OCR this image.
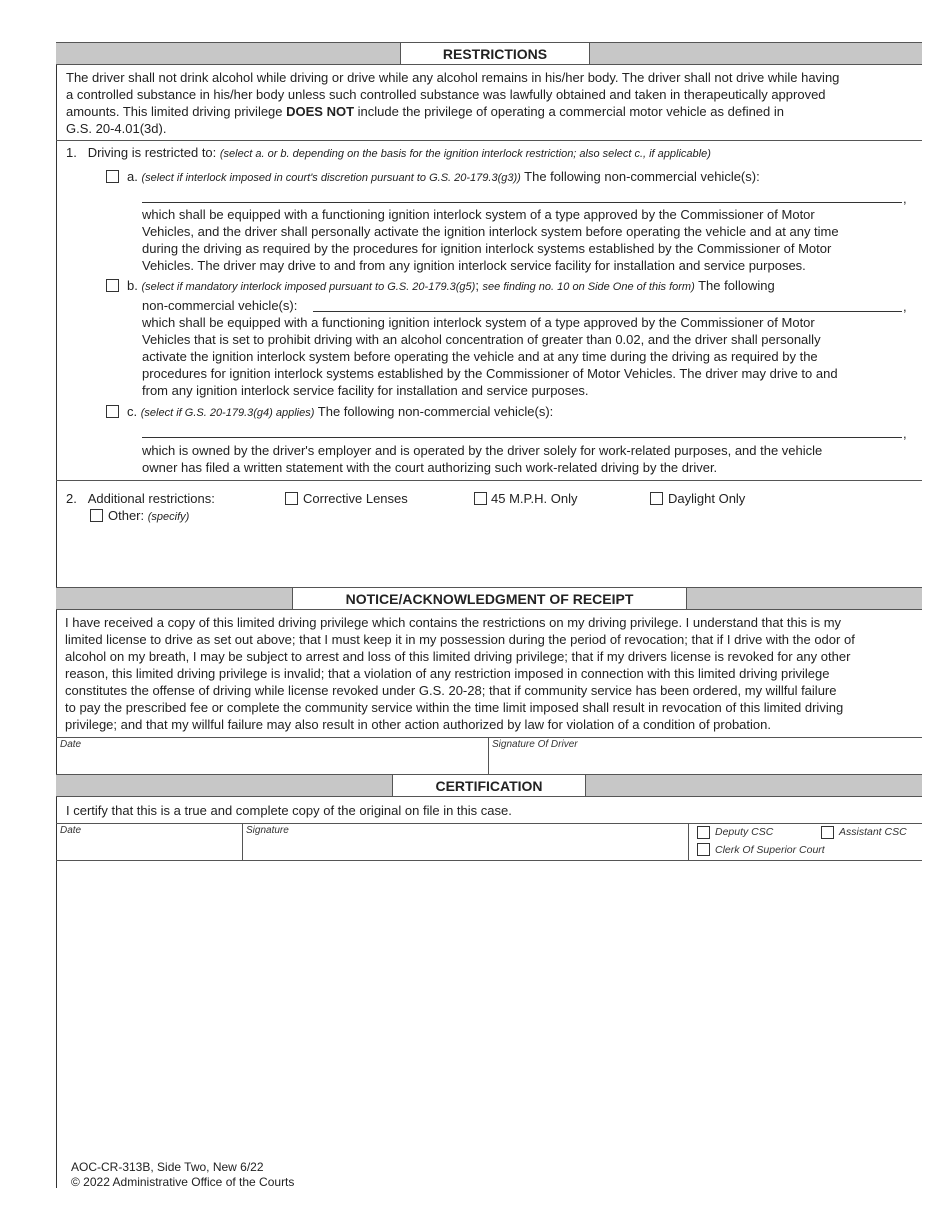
RESTRICTIONS
The driver shall not drink alcohol while driving or drive while any alcohol remains in his/her body. The driver shall not drive while having
a controlled substance in his/her body unless such controlled substance was lawfully obtained and taken in therapeutically approved
amounts. This limited driving privilege DOES NOT include the privilege of operating a commercial motor vehicle as defined in
G.S. 20-4.01(3d).
1. Driving is restricted to: (select a. or b. depending on the basis for the ignition interlock restriction; also select c., if applicable)
a. (select if interlock imposed in court's discretion pursuant to G.S. 20-179.3(g3)) The following non-commercial vehicle(s):
,
which shall be equipped with a functioning ignition interlock system of a type approved by the Commissioner of Motor
Vehicles, and the driver shall personally activate the ignition interlock system before operating the vehicle and at any time
during the driving as required by the procedures for ignition interlock systems established by the Commissioner of Motor
Vehicles. The driver may drive to and from any ignition interlock service facility for installation and service purposes.
b. (select if mandatory interlock imposed pursuant to G.S. 20-179.3(g5); see finding no. 10 on Side One of this form) The following
non-commercial vehicle(s):	,
which shall be equipped with a functioning ignition interlock system of a type approved by the Commissioner of Motor
Vehicles that is set to prohibit driving with an alcohol concentration of greater than 0.02, and the driver shall personally
activate the ignition interlock system before operating the vehicle and at any time during the driving as required by the
procedures for ignition interlock systems established by the Commissioner of Motor Vehicles. The driver may drive to and
from any ignition interlock service facility for installation and service purposes.
c. (select if G.S. 20-179.3(g4) applies) The following non-commercial vehicle(s):
,
which is owned by the driver's employer and is operated by the driver solely for work-related purposes, and the vehicle
owner has filed a written statement with the court authorizing such work-related driving by the driver.
2. Additional restrictions:	Corrective Lenses	45 M.P.H. Only	Daylight Only
Other: (specify)
NOTICE/ACKNOWLEDGMENT OF RECEIPT
I have received a copy of this limited driving privilege which contains the restrictions on my driving privilege. I understand that this is my
limited license to drive as set out above; that I must keep it in my possession during the period of revocation; that if I drive with the odor of
alcohol on my breath, I may be subject to arrest and loss of this limited driving privilege; that if my drivers license is revoked for any other
reason, this limited driving privilege is invalid; that a violation of any restriction imposed in connection with this limited driving privilege
constitutes the offense of driving while license revoked under G.S. 20-28; that if community service has been ordered, my willful failure
to pay the prescribed fee or complete the community service within the time limit imposed shall result in revocation of this limited driving
privilege; and that my willful failure may also result in other action authorized by law for violation of a condition of probation.
Date	Signature Of Driver
CERTIFICATION
I certify that this is a true and complete copy of the original on file in this case.
Date	Signature	Deputy CSC	Assistant CSC
Clerk Of Superior Court
AOC-CR-313B, Side Two, New 6/22
© 2022 Administrative Office of the Courts
